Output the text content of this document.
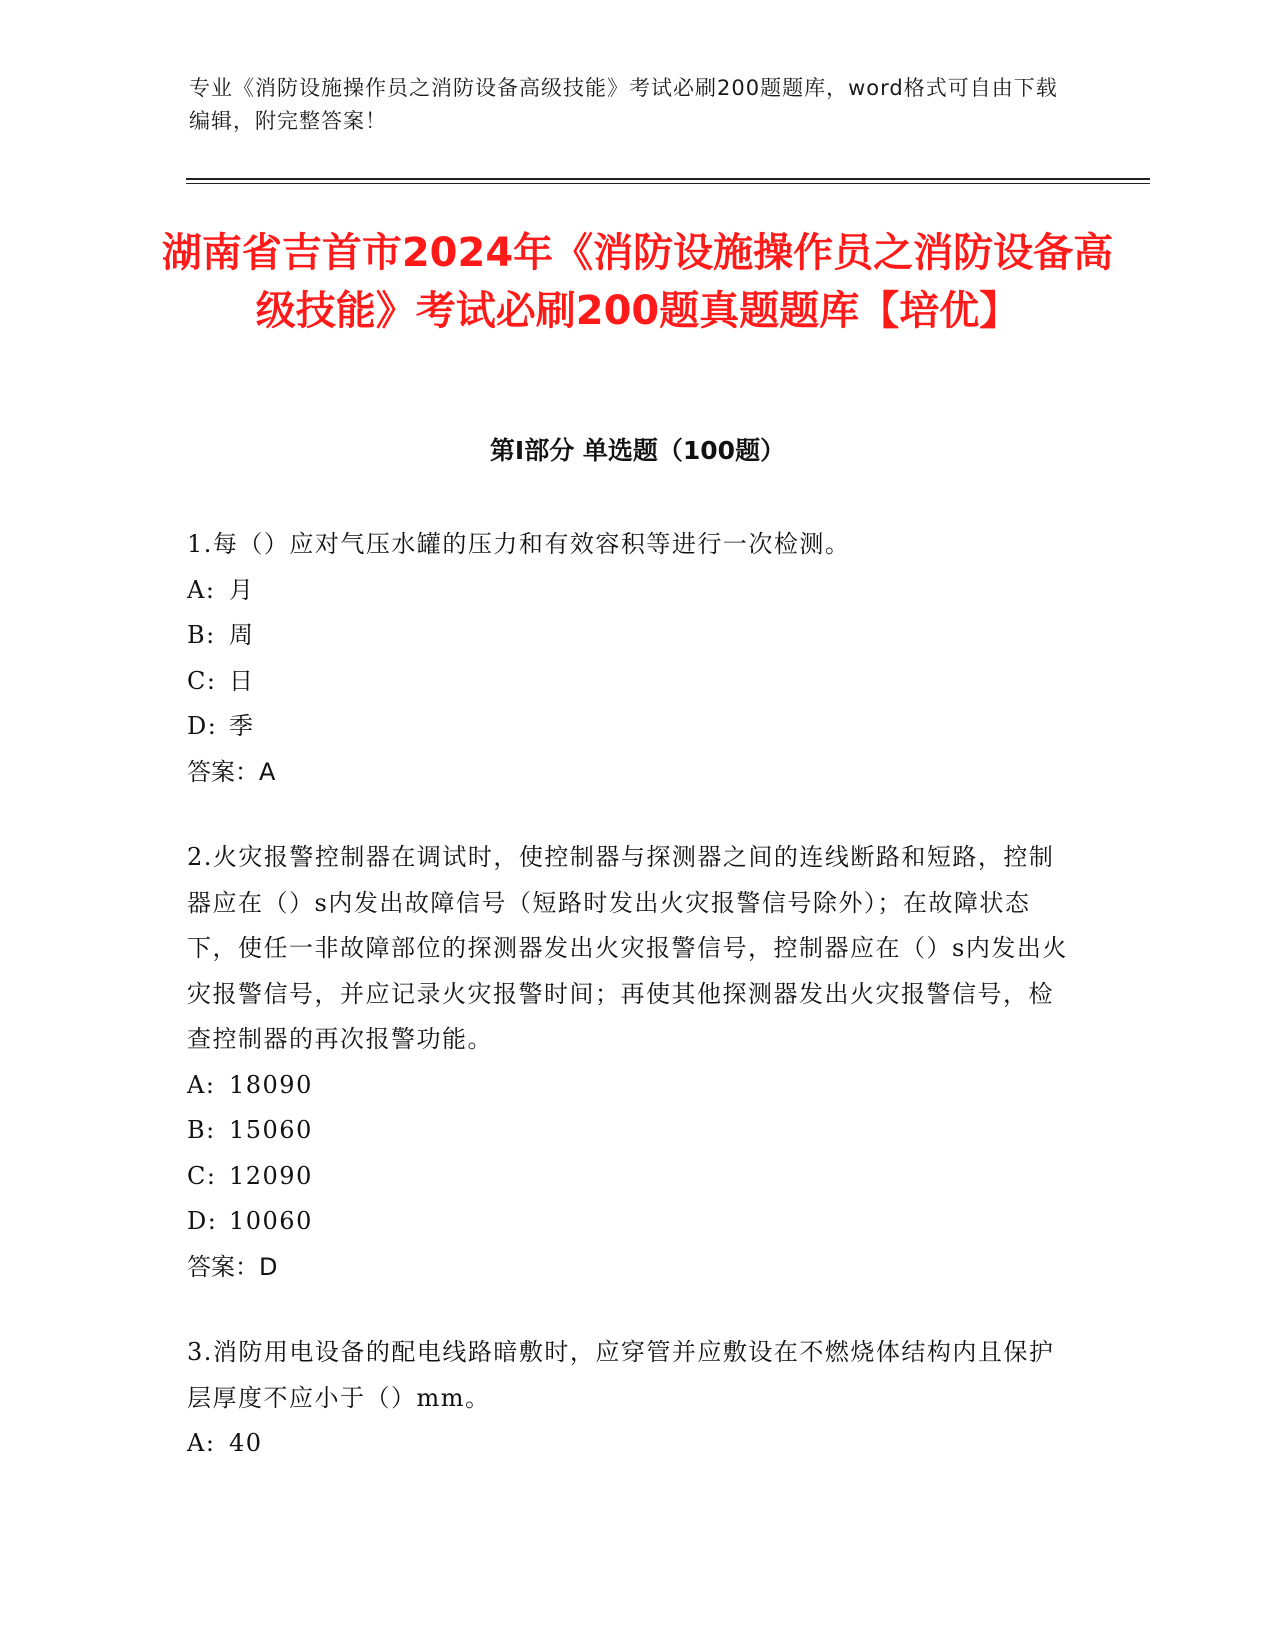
专业《消防设施操作员之消防设备高级技能》考试必刷200题题库，word格式可自由下载编辑，附完整答案！
湖南省吉首市2024年《消防设施操作员之消防设备高级技能》考试必刷200题真题题库【培优】
第Ⅰ部分 单选题（100题）
1.每（）应对气压水罐的压力和有效容积等进行一次检测。
A: 月
B: 周
C: 日
D: 季
答案：A
2.火灾报警控制器在调试时，使控制器与探测器之间的连线断路和短路，控制器应在（）s内发出故障信号（短路时发出火灾报警信号除外）；在故障状态下，使任一非故障部位的探测器发出火灾报警信号，控制器应在（）s内发出火灾报警信号，并应记录火灾报警时间；再使其他探测器发出火灾报警信号，检查控制器的再次报警功能。
A: 18090
B: 15060
C: 12090
D: 10060
答案：D
3.消防用电设备的配电线路暗敷时，应穿管并应敷设在不燃烧体结构内且保护层厚度不应小于（）mm。
A: 40
